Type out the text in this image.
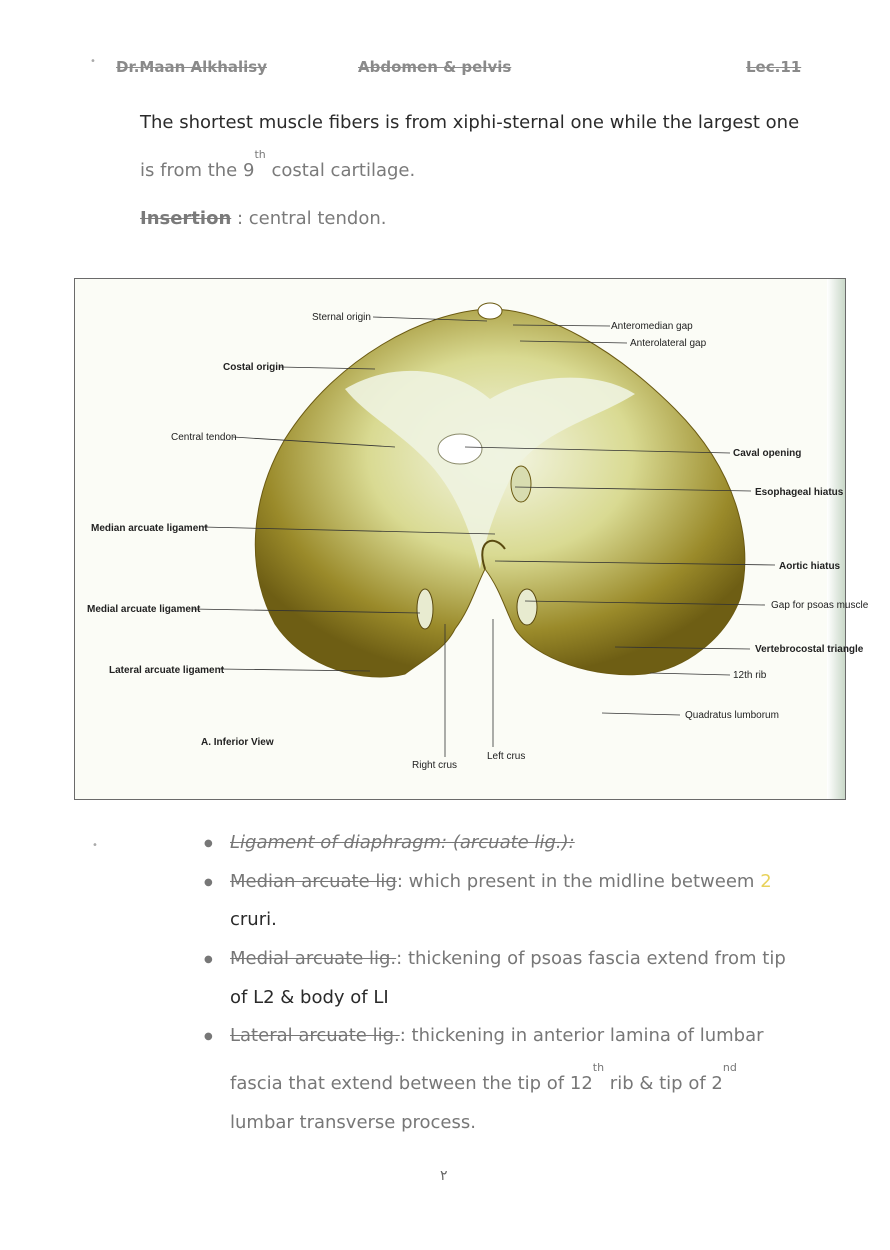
• Dr.Maan Alkhalisy	Abdomen & pelvis	Lec.11
The shortest muscle fibers is from xiphi-sternal one while the largest one
is from the 9th costal cartilage.
Insertion : central tendon.
Sternal origin
Anteromedian gap
Anterolateral gap
Costal origin
Central tendon
Caval opening
Esophageal hiatus
Median arcuate ligament
Aortic hiatus
Medial arcuate ligament	Gap for psoas muscle
Vertebrocostal triangle
Lateral arcuate ligament	12th rib
Quadratus lumborum
A. Inferior View
Right crus
Left crus
•	● Ligament of diaphragm: (arcuate lig.):
● Median arcuate lig: which present in the midline betweem 2
cruri.
● Medial arcuate lig.: thickening of psoas fascia extend from tip
of L2 & body of LI
● Lateral arcuate lig.: thickening in anterior lamina of lumbar
fascia that extend between the tip of 12th rib & tip of 2nd
lumbar transverse process.
٢
